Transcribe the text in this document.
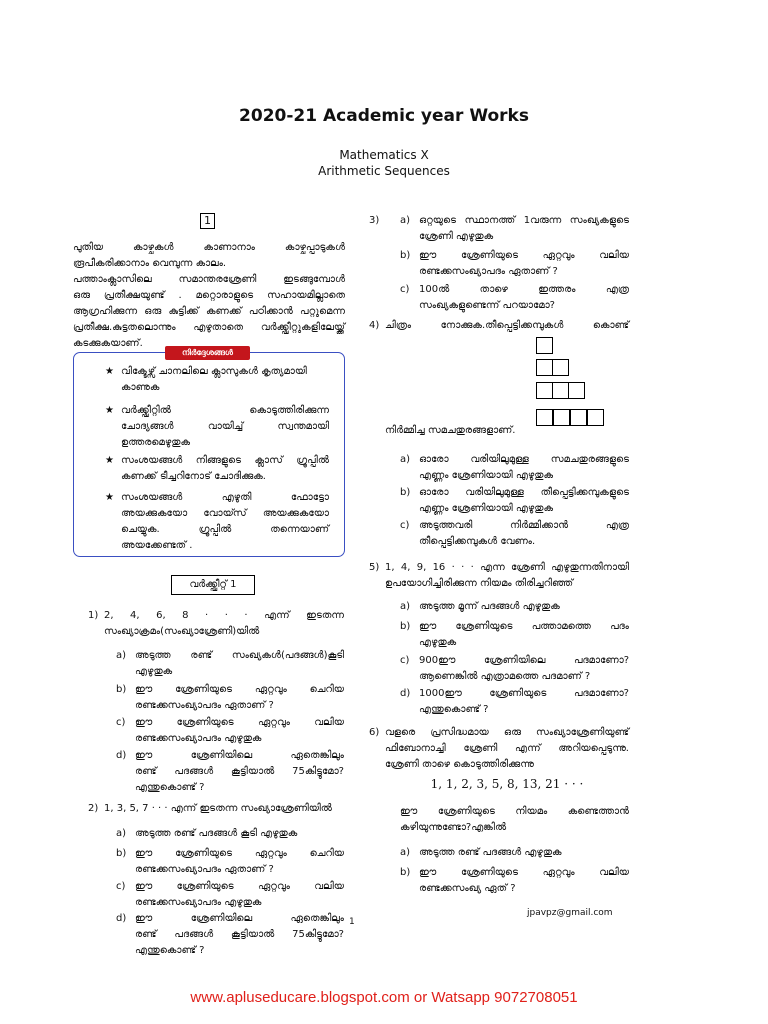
2020-21 Academic year Works
Mathematics X
Arithmetic Sequences
1
പുതിയ കാഴ്ചകൾ കാണാനാം കാഴ്ചപ്പാടുകൾ
രൂപീകരിക്കാനാം വെമ്പുന്ന കാലം.
പത്താംക്ലാസിലെ സമാന്തരശ്രേണി ഇടങ്ങുമ്പോൾ
ഒരു പ്രതീക്ഷയുണ്ട് . മറ്റൊരാളുടെ സഹായമില്ലാതെ
ആഗ്രഹിക്കുന്ന ഒരു കുട്ടിക്ക് കണക്ക് പഠിക്കാൻ പറ്റുമെന്ന
പ്രതീക്ഷ.കുട്ടതലൊന്നും എഴുതാതെ വർക്ക്ഷീറ്റുകളിലേയ്ക്ക്
കടക്കുകയാണ്.
നിർദ്ദേശങ്ങൾ
★ വിക്ടേഴ്സ് ചാനലിലെ ക്ലാസുകൾ കൃത്യമായി
കാണുക
★ വർക്ക്ഷീറ്റിൽ കൊടുത്തിരിക്കുന്ന
ചോദ്യങ്ങൾ വായിച്ച് സ്വന്തമായി
ഉത്തരമെഴുതുക
★ സംശയങ്ങൾ നിങ്ങളുടെ ക്ലാസ് ഗ്രൂപ്പിൽ
കണക്ക് ടീച്ചറിനോട് ചോദിക്കുക.
★ സംശയങ്ങൾ എഴുതി ഫോട്ടോ
അയക്കുകയോ വോയ്സ് അയക്കുകയോ
ചെയ്യുക. ഗ്രൂപ്പിൽ തന്നെയാണ്
അയക്കേണ്ടത് .
വർക്ക്ഷീറ്റ് 1
1) 2, 4, 6, 8 · · · എന്ന് ഇടതന്ന
സംഖ്യാക്രമം(സംഖ്യാശ്രേണി)യിൽ
a) അടുത്ത രണ്ട് സംഖ്യകൾ(പദങ്ങൾ)കൂടി
എഴുതുക
b) ഈ ശ്രേണിയുടെ ഏറ്റവും ചെറിയ
രണ്ടക്കസംഖ്യാപദം ഏതാണ് ?
c) ഈ ശ്രേണിയുടെ ഏറ്റവും വലിയ
രണ്ടക്കസംഖ്യാപദം എഴുതുക
d) ഈ ശ്രേണിയിലെ ഏതെങ്കിലും
രണ്ട് പദങ്ങൾ കൂട്ടിയാൽ 75കിട്ടുമോ?
എന്തുകൊണ്ട് ?
2) 1, 3, 5, 7 · · · എന്ന് ഇടതന്ന സംഖ്യാശ്രേണിയിൽ
a) അടുത്ത രണ്ട് പദങ്ങൾ കൂടി എഴുതുക
b) ഈ ശ്രേണിയുടെ ഏറ്റവും ചെറിയ
രണ്ടക്കസംഖ്യാപദം ഏതാണ് ?
c) ഈ ശ്രേണിയുടെ ഏറ്റവും വലിയ
രണ്ടക്കസംഖ്യാപദം എഴുതുക
d) ഈ ശ്രേണിയിലെ ഏതെങ്കിലും
രണ്ട് പദങ്ങൾ കൂട്ടിയാൽ 75കിട്ടുമോ?
എന്തുകൊണ്ട് ?
1
3) a) ഒറ്റയുടെ സ്ഥാനത്ത് 1വരുന്ന സംഖ്യകളുടെ
ശ്രേണി എഴുതുക
b) ഈ ശ്രേണിയുടെ ഏറ്റവും വലിയ
രണ്ടക്കസംഖ്യാപദം ഏതാണ് ?
c) 100ൽ താഴെ ഇത്തരം എത്ര
സംഖ്യകളുണ്ടെന്ന് പറയാമോ?
4) ചിത്രം നോക്കുക.തീപ്പെട്ടിക്കമ്പുകൾ കൊണ്ട്
നിർമ്മിച്ച സമചതുരങ്ങളാണ്.
a) ഓരോ വരിയിലുമുള്ള സമചതുരങ്ങളുടെ
എണ്ണം ശ്രേണിയായി എഴുതുക
b) ഓരോ വരിയിലുമുള്ള തീപ്പെട്ടിക്കമ്പുകളുടെ
എണ്ണം ശ്രേണിയായി എഴുതുക
c) അടുത്തവരി നിർമ്മിക്കാൻ എത്ര
തീപ്പെട്ടിക്കമ്പുകൾ വേണം.
5) 1, 4, 9, 16 · · · എന്ന ശ്രേണി എഴുതുന്നതിനായി
ഉപയോഗിച്ചിരിക്കുന്ന നിയമം തിരിച്ചറിഞ്ഞ്
a) അടുത്ത മൂന്ന് പദങ്ങൾ എഴുതുക
b) ഈ ശ്രേണിയുടെ പത്താമത്തെ പദം
എഴുതുക
c) 900ഈ ശ്രേണിയിലെ പദമാണോ?
ആണെങ്കിൽ എത്രാമത്തെ പദമാണ് ?
d) 1000ഈ ശ്രേണിയുടെ പദമാണോ?
എന്തുകൊണ്ട് ?
6) വളരെ പ്രസിദ്ധമായ ഒരു സംഖ്യാശ്രേണിയുണ്ട്
ഫിബോനാച്ചി ശ്രേണി എന്ന് അറിയപ്പെടുന്നു.
ശ്രേണി താഴെ കൊടുത്തിരിക്കുന്നു
1, 1, 2, 3, 5, 8, 13, 21 · · ·
ഈ ശ്രേണിയുടെ നിയമം കണ്ടെത്താൻ
കഴിയുന്നുണ്ടോ?എങ്കിൽ
a) അടുത്ത രണ്ട് പദങ്ങൾ എഴുതുക
b) ഈ ശ്രേണിയുടെ ഏറ്റവും വലിയ
രണ്ടക്കസംഖ്യ ഏത് ?
jpavpz@gmail.com
www.apluseducare.blogspot.com or Watsapp 9072708051
